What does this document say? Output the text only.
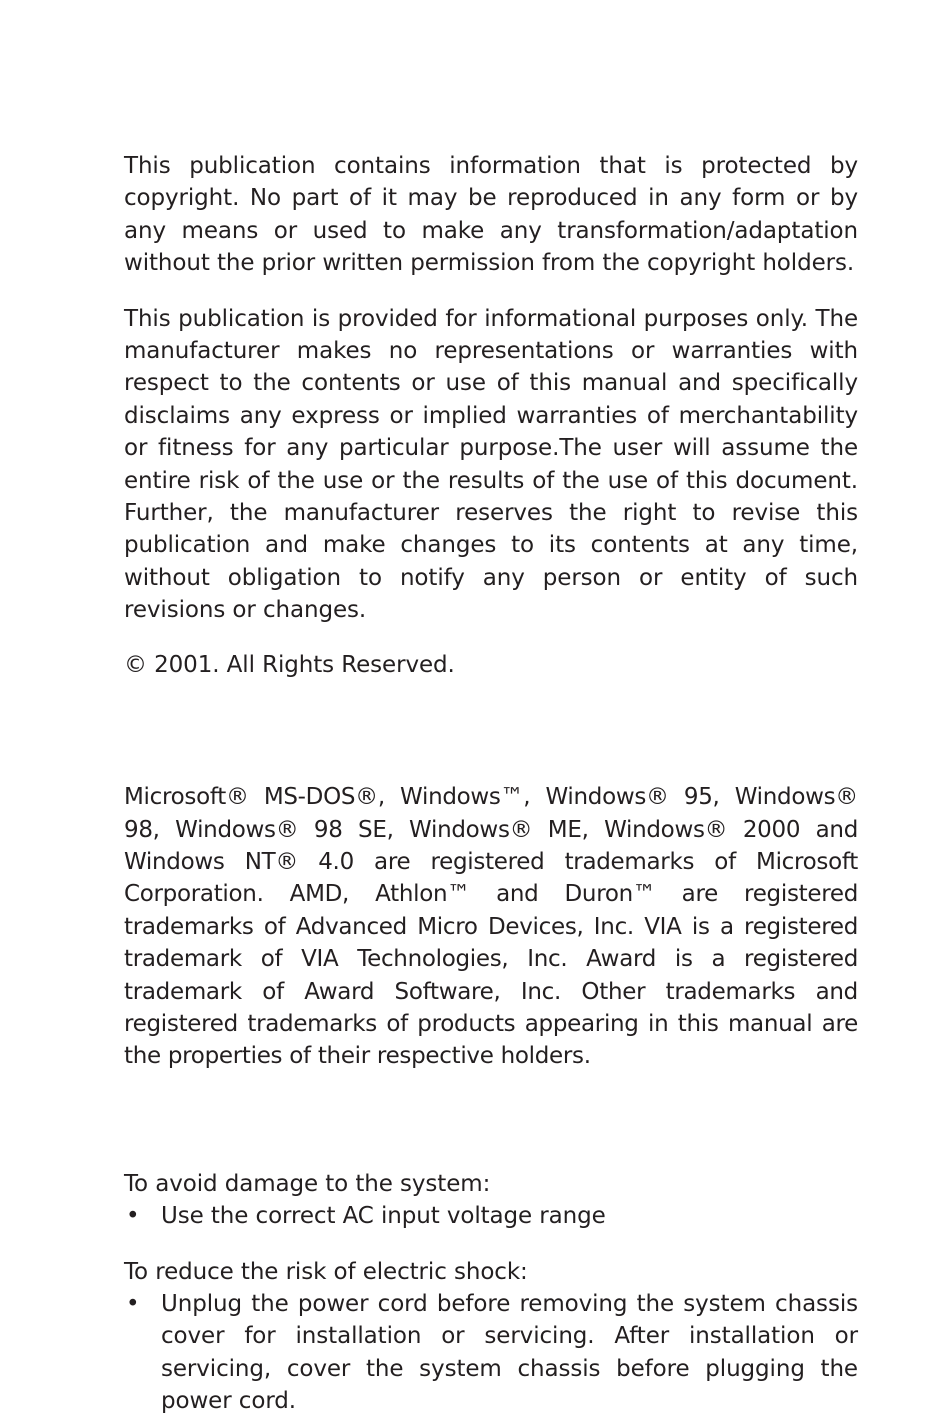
This publication contains information that is protected by copyright. No part of it may be reproduced in any form or by any means or used to make any transformation/adaptation without the prior written permission from the copyright holders.

This publication is provided for informational purposes only. The manufacturer makes no representations or warranties with respect to the contents or use of this manual and specifically disclaims any express or implied warranties of merchantability or fitness for any particular purpose.The user will assume the entire risk of the use or the results of the use of this document. Further, the manufacturer reserves the right to revise this publication and make changes to its contents at any time, without obligation to notify any person or entity of such revisions or changes.

© 2001. All Rights Reserved.

Microsoft® MS-DOS®, Windows™, Windows® 95, Windows® 98, Windows® 98 SE, Windows® ME, Windows® 2000 and Windows NT® 4.0 are registered trademarks of Microsoft Corporation. AMD, Athlon™ and Duron™ are registered trademarks of Advanced Micro Devices, Inc. VIA is a registered trademark of VIA Technologies, Inc. Award is a registered trademark of Award Software, Inc. Other trademarks and registered trademarks of products appearing in this manual are the properties of their respective holders.

To avoid damage to the system:

• Use the correct AC input voltage range

To reduce the risk of electric shock:

• Unplug the power cord before removing the system chassis cover for installation or servicing. After installation or servicing, cover the system chassis before plugging the power cord.
